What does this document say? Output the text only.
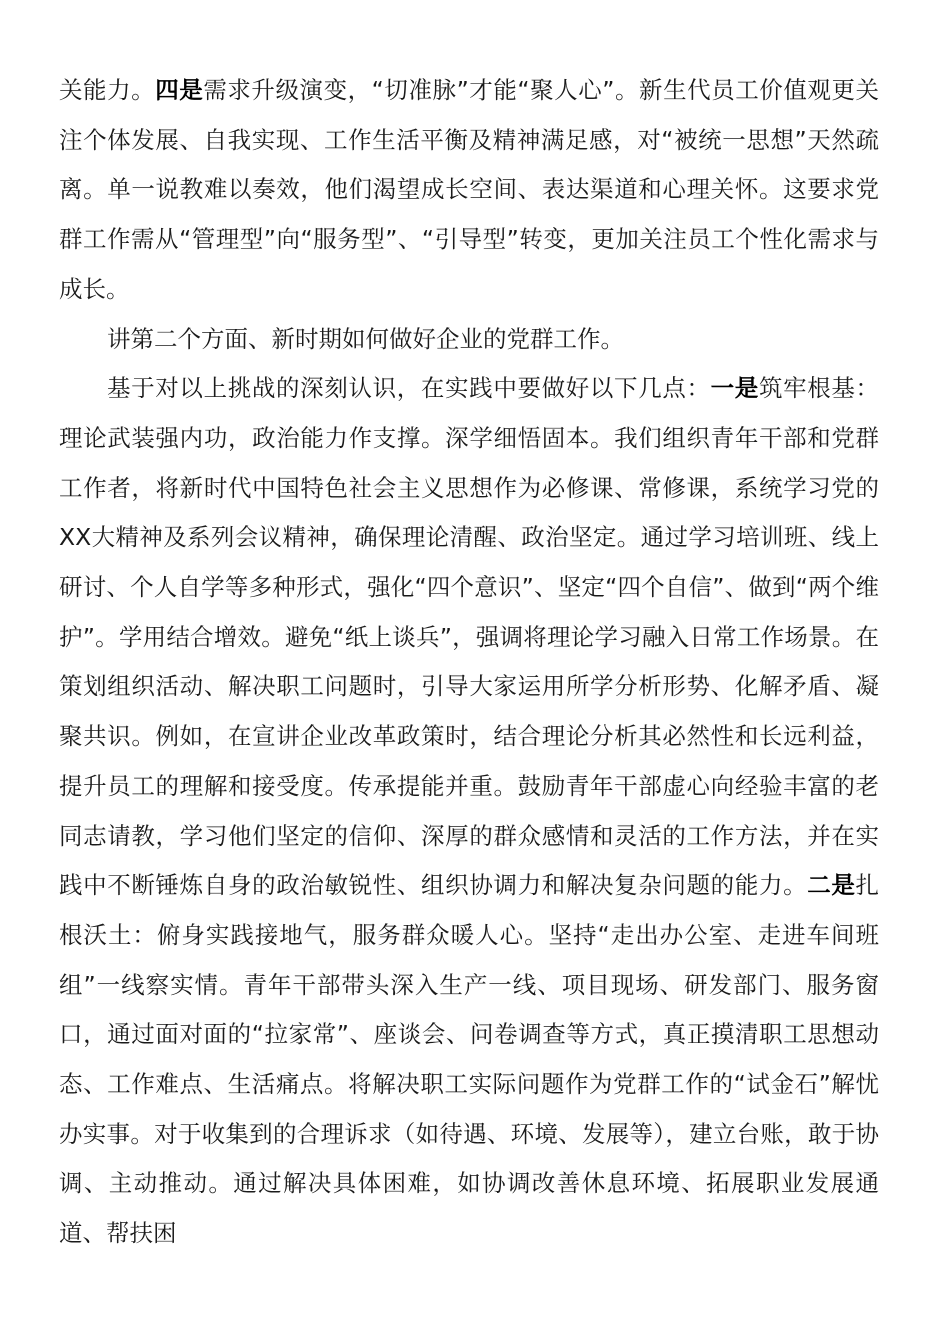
关能力。四是需求升级演变，“切准脉”才能“聚人心”。新生代员工价值观更关注个体发展、自我实现、工作生活平衡及精神满足感，对“被统一思想”天然疏离。单一说教难以奏效，他们渴望成长空间、表达渠道和心理关怀。这要求党群工作需从“管理型”向“服务型”、“引导型”转变，更加关注员工个性化需求与成长。

讲第二个方面、新时期如何做好企业的党群工作。

基于对以上挑战的深刻认识，在实践中要做好以下几点：一是筑牢根基：理论武装强内功，政治能力作支撑。深学细悟固本。我们组织青年干部和党群工作者，将新时代中国特色社会主义思想作为必修课、常修课，系统学习党的XX大精神及系列会议精神，确保理论清醒、政治坚定。通过学习培训班、线上研讨、个人自学等多种形式，强化“四个意识”、坚定“四个自信”、做到“两个维护”。学用结合增效。避免“纸上谈兵”，强调将理论学习融入日常工作场景。在策划组织活动、解决职工问题时，引导大家运用所学分析形势、化解矛盾、凝聚共识。例如，在宣讲企业改革政策时，结合理论分析其必然性和长远利益，提升员工的理解和接受度。传承提能并重。鼓励青年干部虚心向经验丰富的老同志请教，学习他们坚定的信仰、深厚的群众感情和灵活的工作方法，并在实践中不断锤炼自身的政治敏锐性、组织协调力和解决复杂问题的能力。二是扎根沃土：俯身实践接地气，服务群众暖人心。坚持“走出办公室、走进车间班组”一线察实情。青年干部带头深入生产一线、项目现场、研发部门、服务窗口，通过面对面的“拉家常”、座谈会、问卷调查等方式，真正摸清职工思想动态、工作难点、生活痛点。将解决职工实际问题作为党群工作的“试金石”解忧办实事。对于收集到的合理诉求（如待遇、环境、发展等），建立台账，敢于协调、主动推动。通过解决具体困难，如协调改善休息环境、拓展职业发展通道、帮扶困
